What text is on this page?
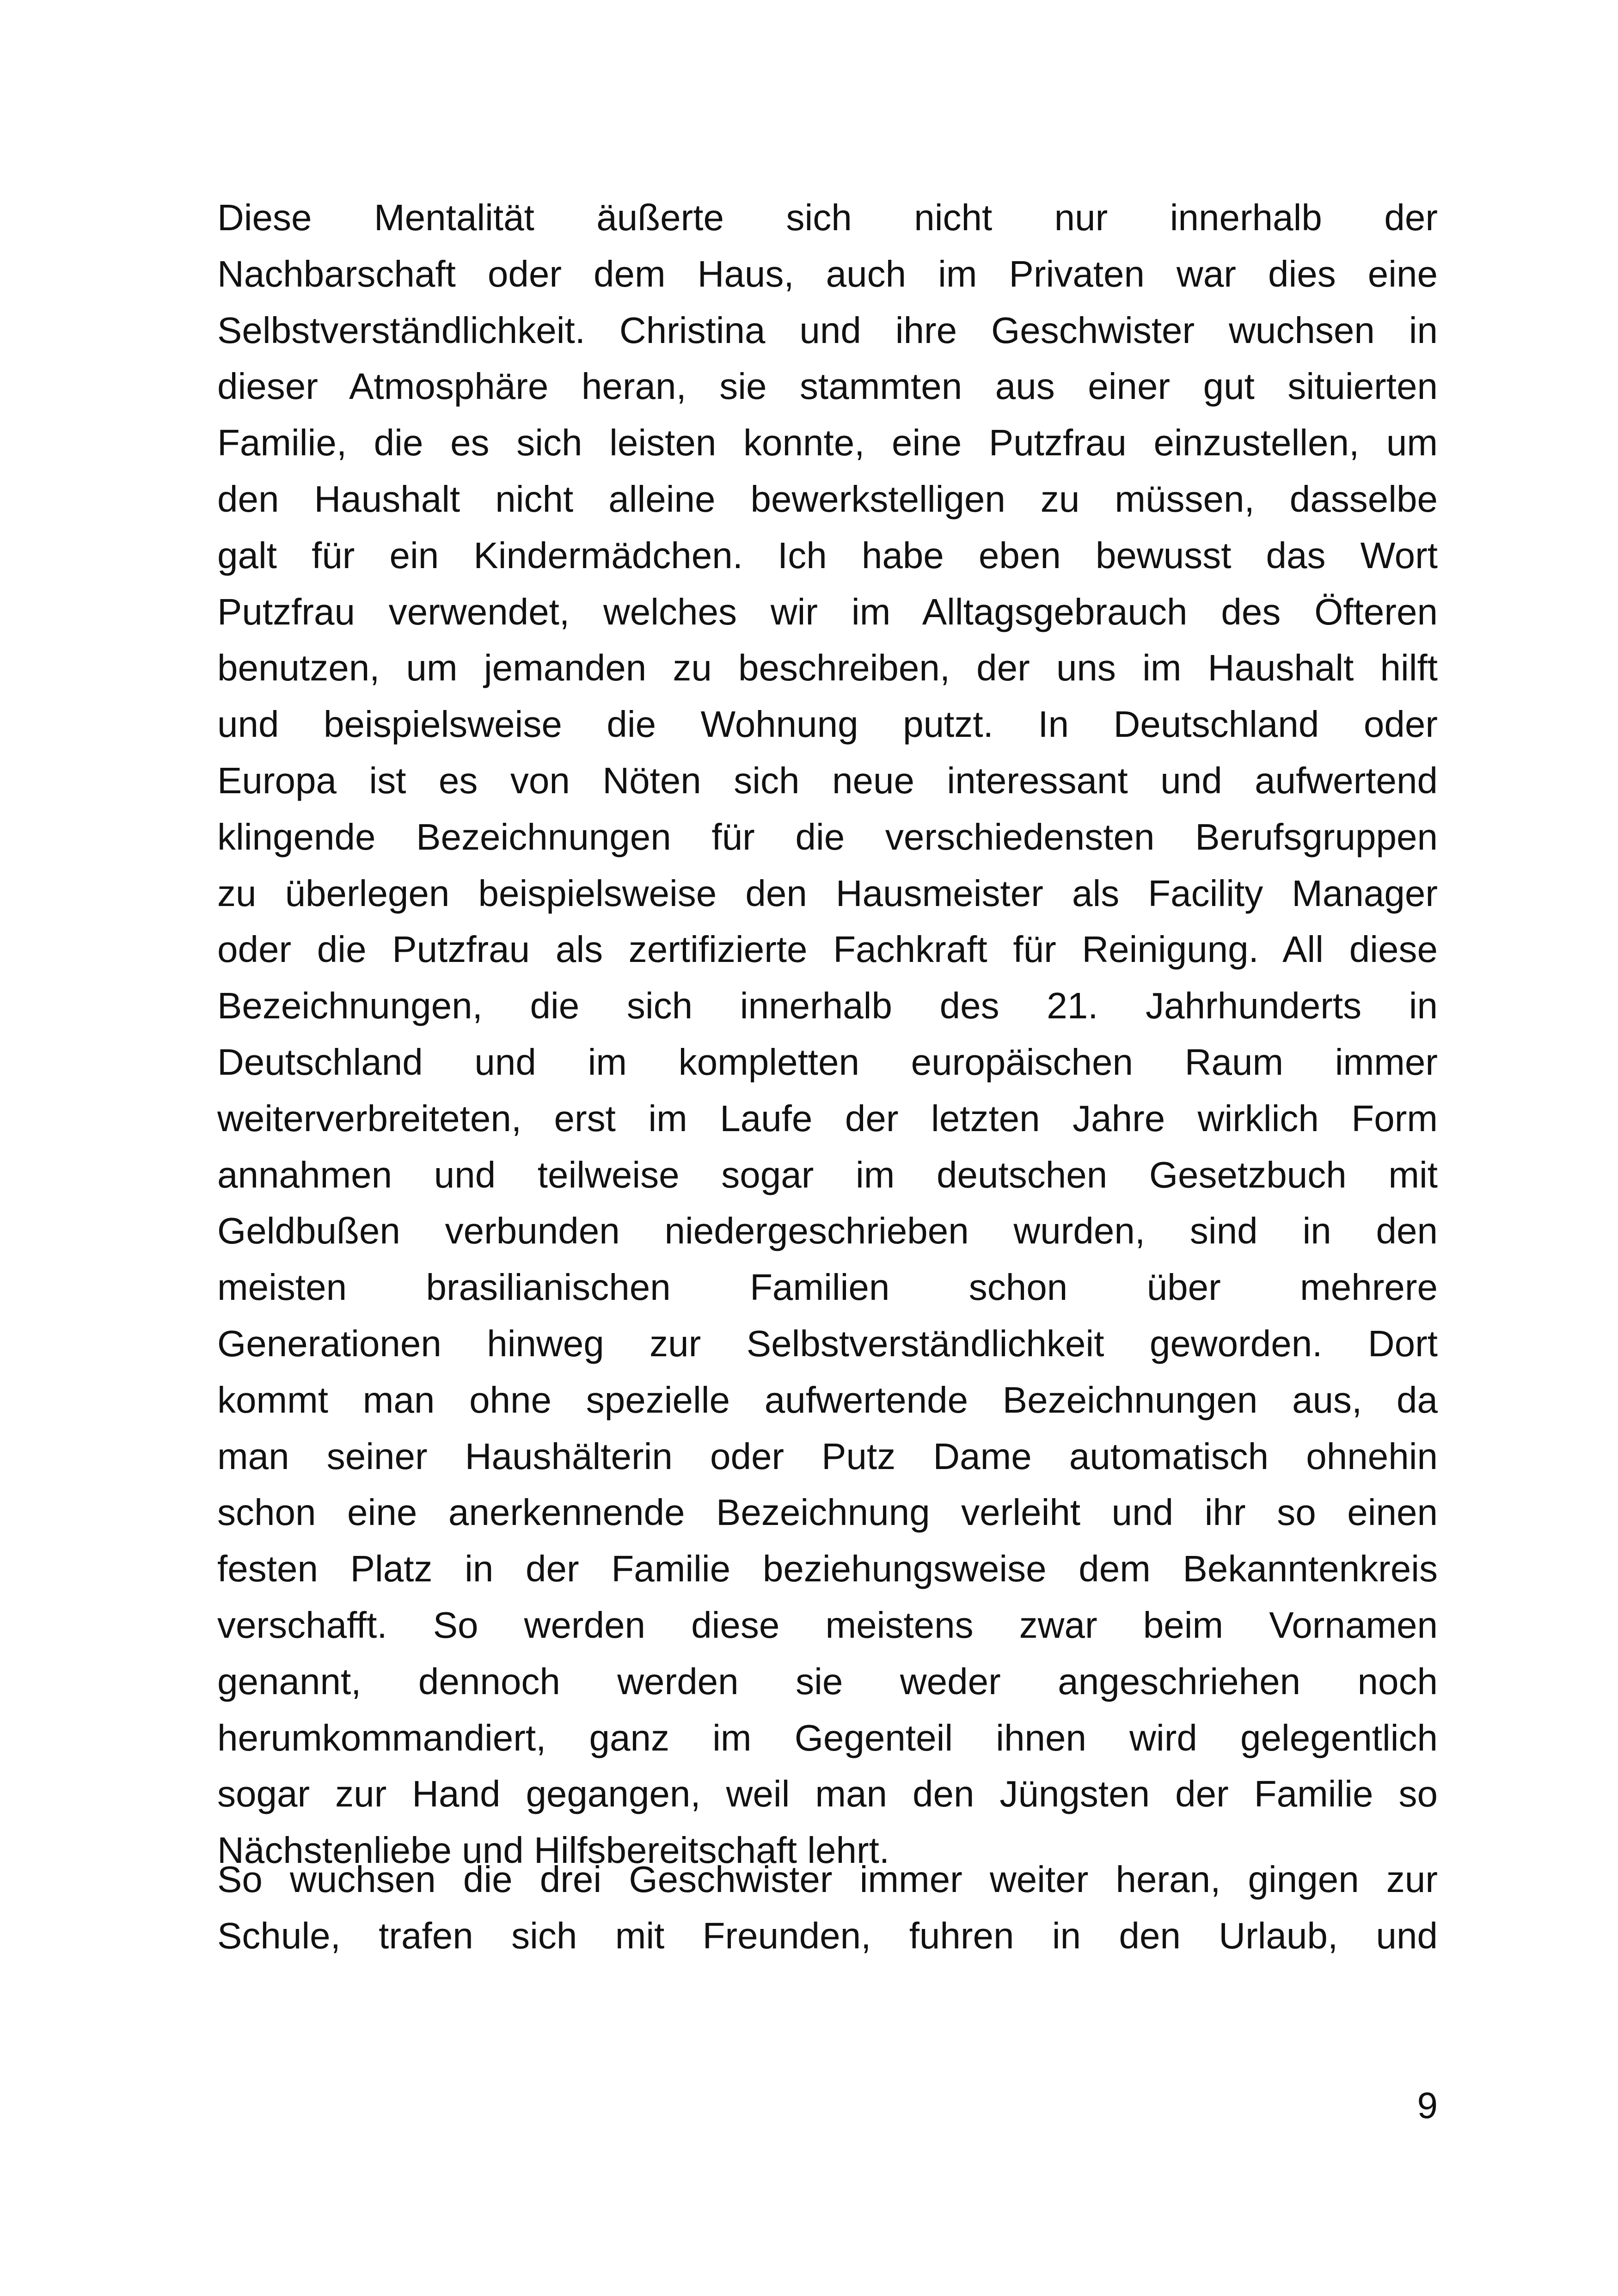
Diese Mentalität äußerte sich nicht nur innerhalb der
Nachbarschaft oder dem Haus, auch im Privaten war dies eine
Selbstverständlichkeit. Christina und ihre Geschwister wuchsen in
dieser Atmosphäre heran, sie stammten aus einer gut situierten
Familie, die es sich leisten konnte, eine Putzfrau einzustellen, um
den Haushalt nicht alleine bewerkstelligen zu müssen, dasselbe
galt für ein Kindermädchen. Ich habe eben bewusst das Wort
Putzfrau verwendet, welches wir im Alltagsgebrauch des Öfteren
benutzen, um jemanden zu beschreiben, der uns im Haushalt hilft
und beispielsweise die Wohnung putzt. In Deutschland oder
Europa ist es von Nöten sich neue interessant und aufwertend
klingende Bezeichnungen für die verschiedensten Berufsgruppen
zu überlegen beispielsweise den Hausmeister als Facility Manager
oder die Putzfrau als zertifizierte Fachkraft für Reinigung. All diese
Bezeichnungen, die sich innerhalb des 21. Jahrhunderts in
Deutschland und im kompletten europäischen Raum immer
weiterverbreiteten, erst im Laufe der letzten Jahre wirklich Form
annahmen und teilweise sogar im deutschen Gesetzbuch mit
Geldbußen verbunden niedergeschrieben wurden, sind in den
meisten brasilianischen Familien schon über mehrere
Generationen hinweg zur Selbstverständlichkeit geworden. Dort
kommt man ohne spezielle aufwertende Bezeichnungen aus, da
man seiner Haushälterin oder Putz Dame automatisch ohnehin
schon eine anerkennende Bezeichnung verleiht und ihr so einen
festen Platz in der Familie beziehungsweise dem Bekanntenkreis
verschafft. So werden diese meistens zwar beim Vornamen
genannt, dennoch werden sie weder angeschriehen noch
herumkommandiert, ganz im Gegenteil ihnen wird gelegentlich
sogar zur Hand gegangen, weil man den Jüngsten der Familie so
Nächstenliebe und Hilfsbereitschaft lehrt.
So wuchsen die drei Geschwister immer weiter heran, gingen zur
Schule, trafen sich mit Freunden, fuhren in den Urlaub, und
9
